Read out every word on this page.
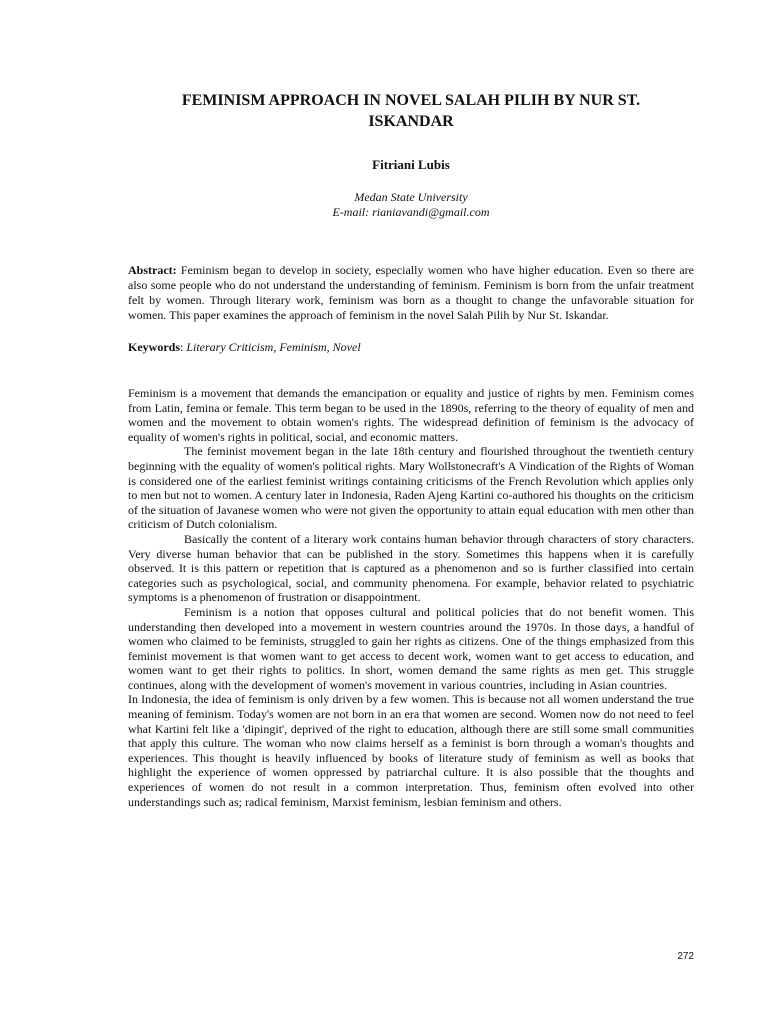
FEMINISM APPROACH IN NOVEL SALAH PILIH BY NUR ST.
ISKANDAR
Fitriani Lubis
Medan State University
E-mail: rianiavandi@gmail.com

Abstract: Feminism began to develop in society, especially women who have higher education. Even so there are also some people who do not understand the understanding of feminism. Feminism is born from the unfair treatment felt by women. Through literary work, feminism was born as a thought to change the unfavorable situation for women. This paper examines the approach of feminism in the novel Salah Pilih by Nur St. Iskandar.

Keywords: Literary Criticism, Feminism, Novel

Feminism is a movement that demands the emancipation or equality and justice of rights by men. Feminism comes from Latin, femina or female. This term began to be used in the 1890s, referring to the theory of equality of men and women and the movement to obtain women's rights. The widespread definition of feminism is the advocacy of equality of women's rights in political, social, and economic matters.

The feminist movement began in the late 18th century and flourished throughout the twentieth century beginning with the equality of women's political rights. Mary Wollstonecraft's A Vindication of the Rights of Woman is considered one of the earliest feminist writings containing criticisms of the French Revolution which applies only to men but not to women. A century later in Indonesia, Raden Ajeng Kartini co-authored his thoughts on the criticism of the situation of Javanese women who were not given the opportunity to attain equal education with men other than criticism of Dutch colonialism.

Basically the content of a literary work contains human behavior through characters of story characters. Very diverse human behavior that can be published in the story. Sometimes this happens when it is carefully observed. It is this pattern or repetition that is captured as a phenomenon and so is further classified into certain categories such as psychological, social, and community phenomena. For example, behavior related to psychiatric symptoms is a phenomenon of frustration or disappointment.

Feminism is a notion that opposes cultural and political policies that do not benefit women. This understanding then developed into a movement in western countries around the 1970s. In those days, a handful of women who claimed to be feminists, struggled to gain her rights as citizens. One of the things emphasized from this feminist movement is that women want to get access to decent work, women want to get access to education, and women want to get their rights to politics. In short, women demand the same rights as men get. This struggle continues, along with the development of women's movement in various countries, including in Asian countries.

In Indonesia, the idea of feminism is only driven by a few women. This is because not all women understand the true meaning of feminism. Today's women are not born in an era that women are second. Women now do not need to feel what Kartini felt like a 'dipingit', deprived of the right to education, although there are still some small communities that apply this culture. The woman who now claims herself as a feminist is born through a woman's thoughts and experiences. This thought is heavily influenced by books of literature study of feminism as well as books that highlight the experience of women oppressed by patriarchal culture. It is also possible that the thoughts and experiences of women do not result in a common interpretation. Thus, feminism often evolved into other understandings such as; radical feminism, Marxist feminism, lesbian feminism and others.

272
